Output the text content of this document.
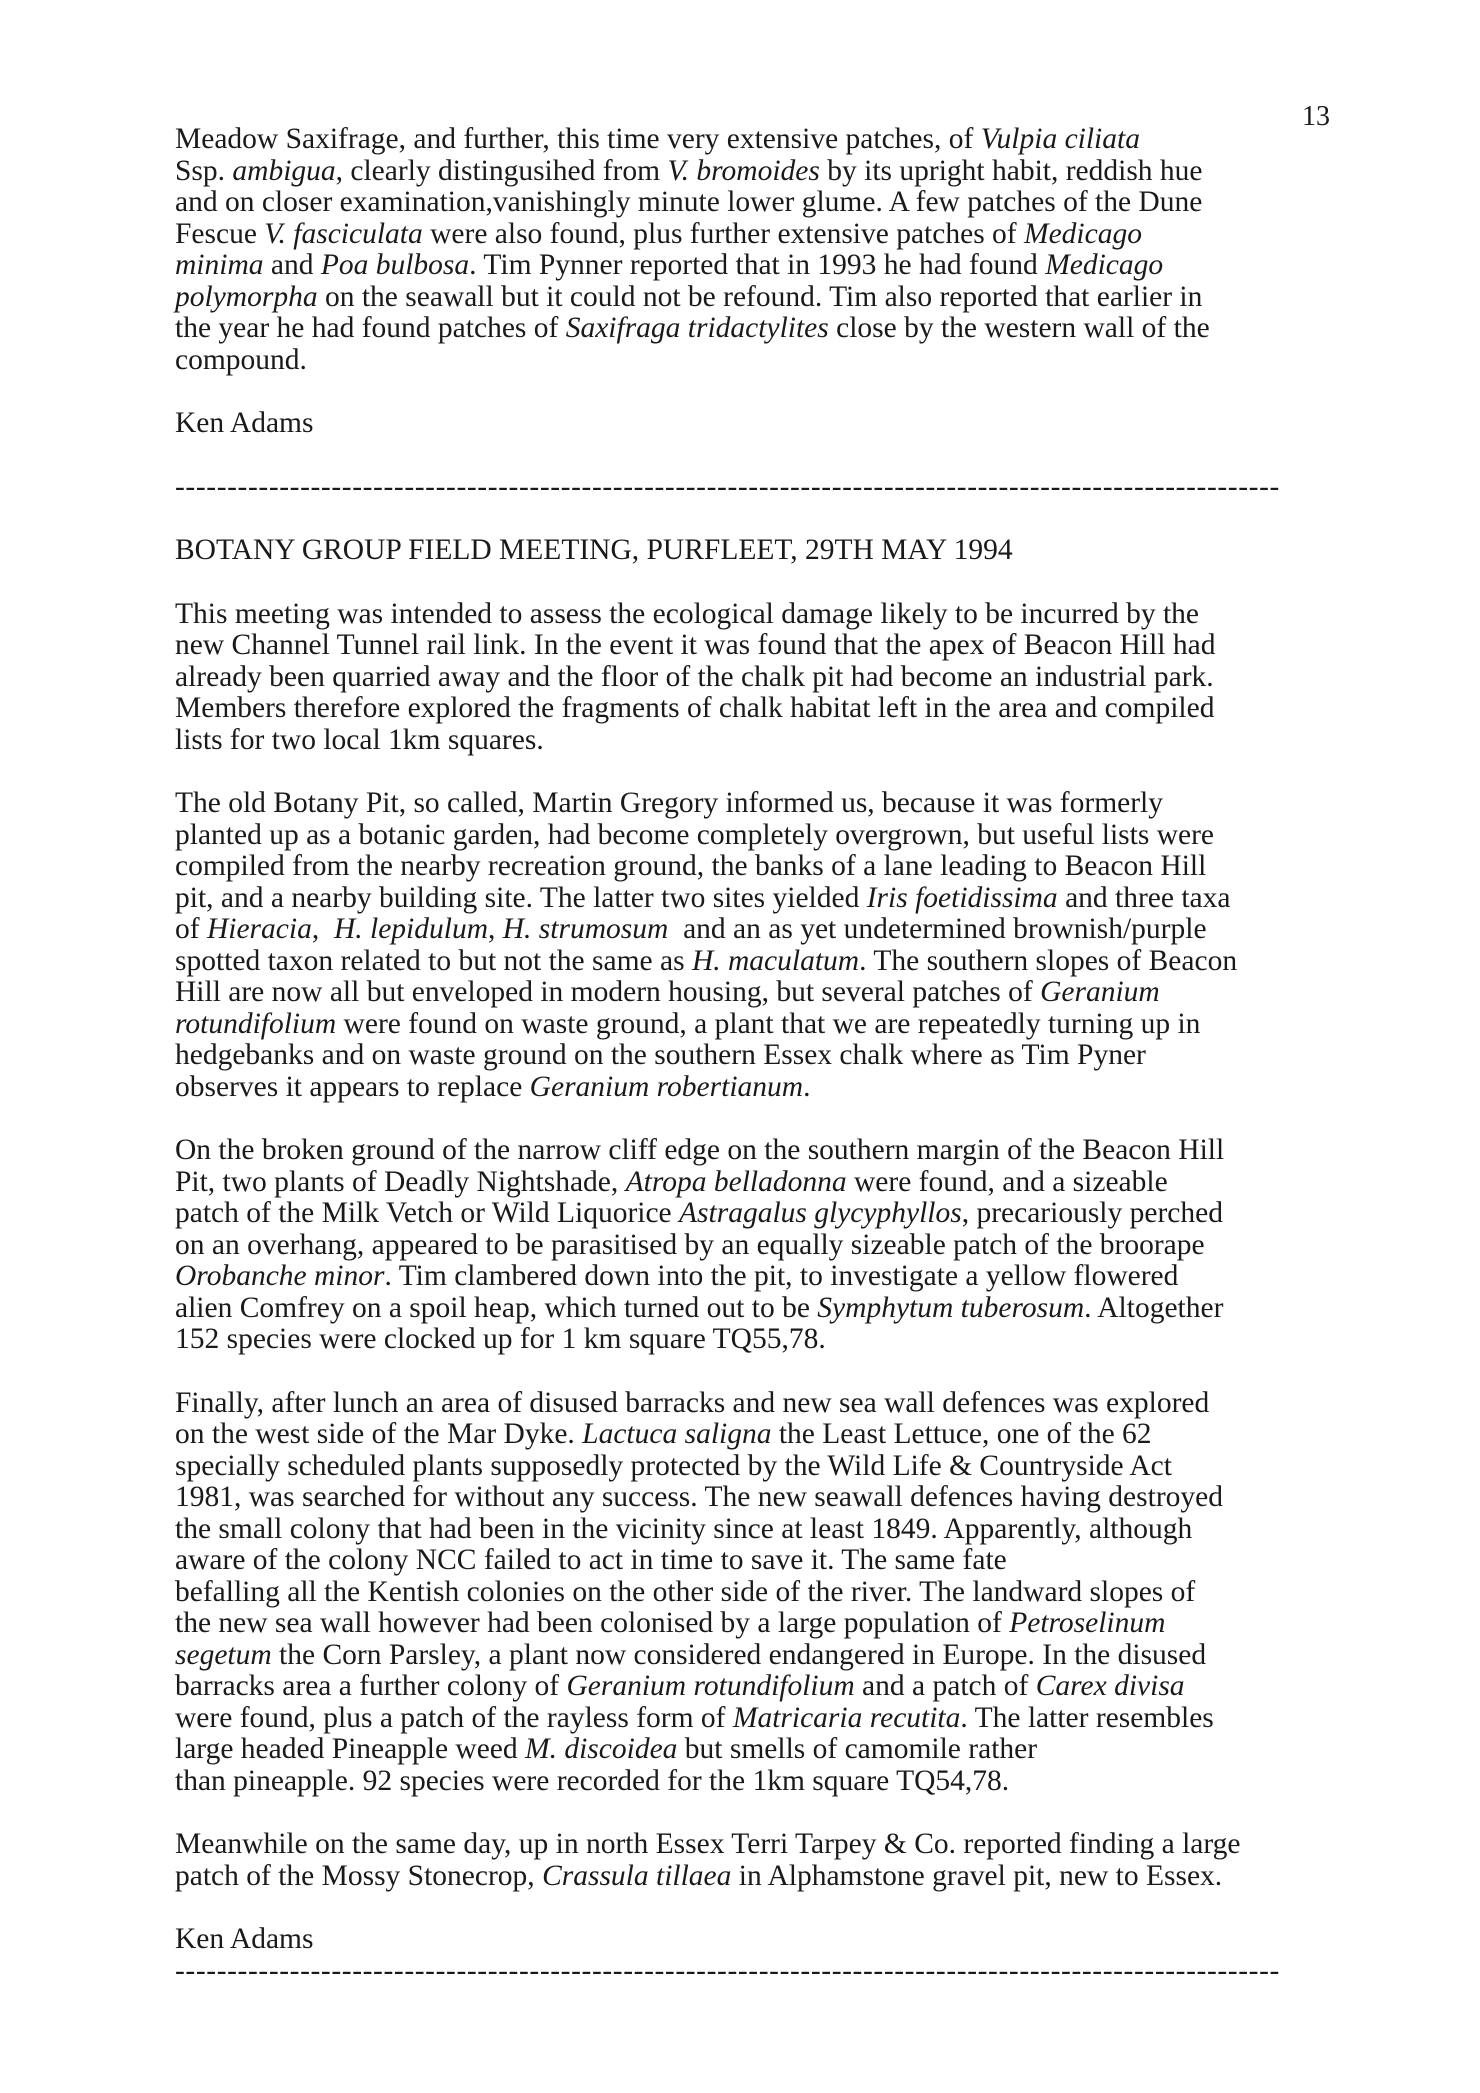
13

Meadow Saxifrage, and further, this time very extensive patches, of Vulpia ciliata
Ssp. ambigua, clearly distingusihed from V. bromoides by its upright habit, reddish hue
and on closer examination,vanishingly minute lower glume. A few patches of the Dune
Fescue V. fasciculata were also found, plus further extensive patches of Medicago
minima and Poa bulbosa. Tim Pynner reported that in 1993 he had found Medicago
polymorpha on the seawall but it could not be refound. Tim also reported that earlier in
the year he had found patches of Saxifraga tridactylites close by the western wall of the
compound.

Ken Adams

----------------------------------------------------------------------------------------------------------

BOTANY GROUP FIELD MEETING, PURFLEET, 29TH MAY 1994

This meeting was intended to assess the ecological damage likely to be incurred by the
new Channel Tunnel rail link. In the event it was found that the apex of Beacon Hill had
already been quarried away and the floor of the chalk pit had become an industrial park.
Members therefore explored the fragments of chalk habitat left in the area and compiled
lists for two local 1km squares.

The old Botany Pit, so called, Martin Gregory informed us, because it was formerly
planted up as a botanic garden, had become completely overgrown, but useful lists were
compiled from the nearby recreation ground, the banks of a lane leading to Beacon Hill
pit, and a nearby building site. The latter two sites yielded Iris foetidissima and three taxa
of Hieracia,  H. lepidulum, H. strumosum  and an as yet undetermined brownish/purple
spotted taxon related to but not the same as H. maculatum. The southern slopes of Beacon
Hill are now all but enveloped in modern housing, but several patches of Geranium
rotundifolium were found on waste ground, a plant that we are repeatedly turning up in
hedgebanks and on waste ground on the southern Essex chalk where as Tim Pyner
observes it appears to replace Geranium robertianum.

On the broken ground of the narrow cliff edge on the southern margin of the Beacon Hill
Pit, two plants of Deadly Nightshade, Atropa belladonna were found, and a sizeable
patch of the Milk Vetch or Wild Liquorice Astragalus glycyphyllos, precariously perched
on an overhang, appeared to be parasitised by an equally sizeable patch of the broorape
Orobanche minor. Tim clambered down into the pit, to investigate a yellow flowered
alien Comfrey on a spoil heap, which turned out to be Symphytum tuberosum. Altogether
152 species were clocked up for 1 km square TQ55,78.

Finally, after lunch an area of disused barracks and new sea wall defences was explored
on the west side of the Mar Dyke. Lactuca saligna the Least Lettuce, one of the 62
specially scheduled plants supposedly protected by the Wild Life & Countryside Act
1981, was searched for without any success. The new seawall defences having destroyed
the small colony that had been in the vicinity since at least 1849. Apparently, although
aware of the colony NCC failed to act in time to save it. The same fate
befalling all the Kentish colonies on the other side of the river. The landward slopes of
the new sea wall however had been colonised by a large population of Petroselinum
segetum the Corn Parsley, a plant now considered endangered in Europe. In the disused
barracks area a further colony of Geranium rotundifolium and a patch of Carex divisa
were found, plus a patch of the rayless form of Matricaria recutita. The latter resembles
large headed Pineapple weed M. discoidea but smells of camomile rather
than pineapple. 92 species were recorded for the 1km square TQ54,78.

Meanwhile on the same day, up in north Essex Terri Tarpey & Co. reported finding a large
patch of the Mossy Stonecrop, Crassula tillaea in Alphamstone gravel pit, new to Essex.

Ken Adams

----------------------------------------------------------------------------------------------------------
